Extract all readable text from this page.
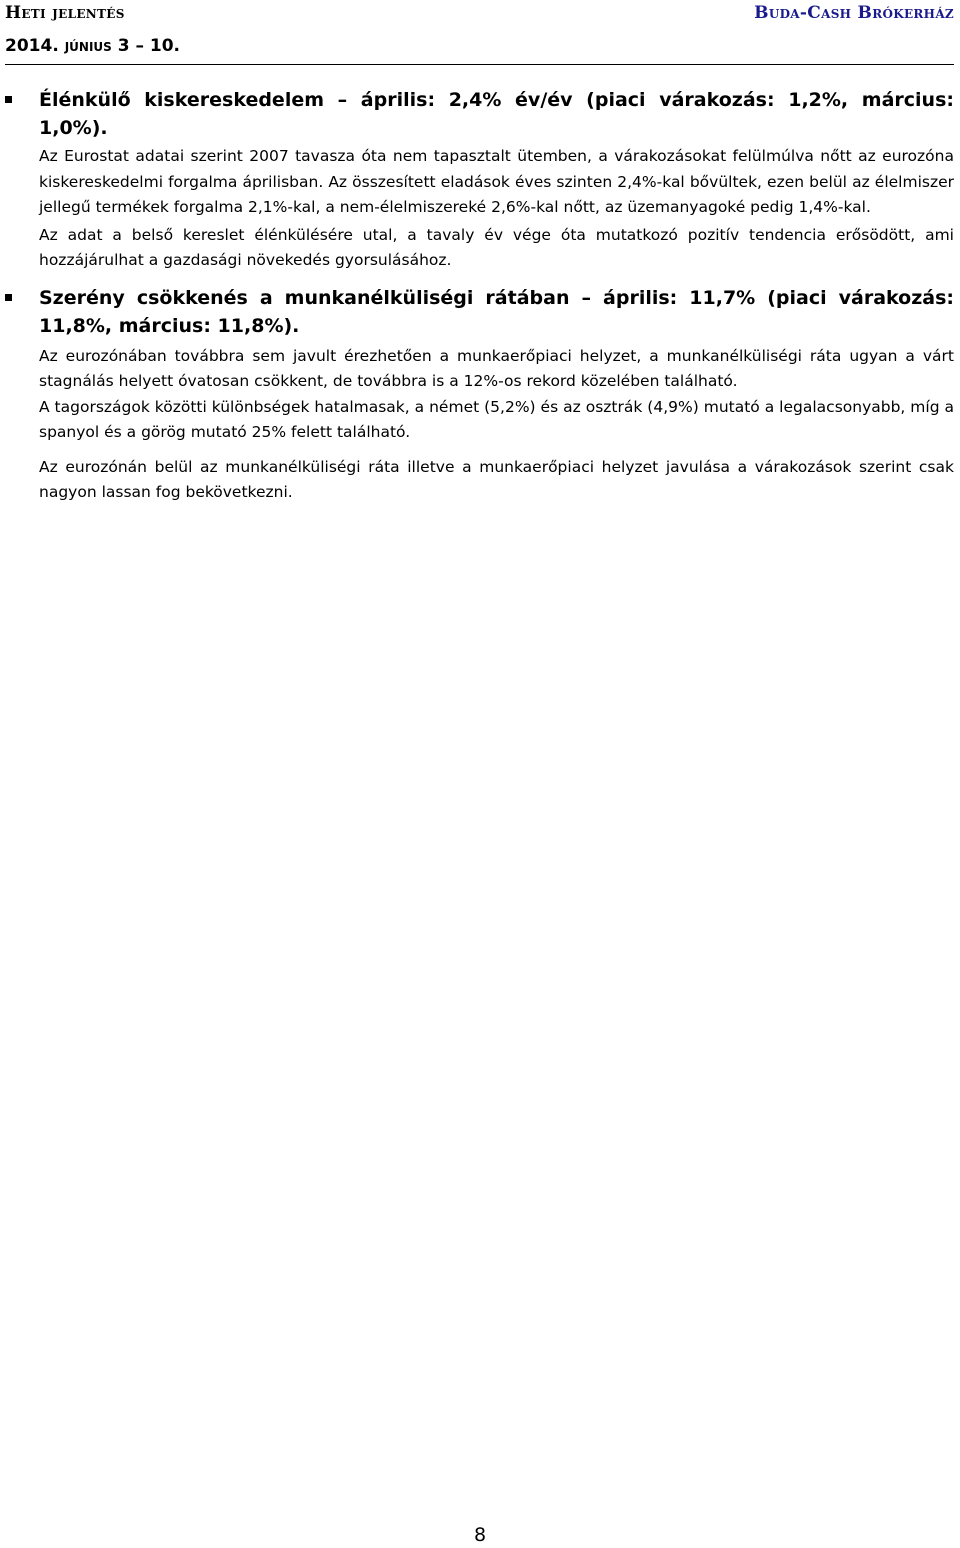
Heti jelentés	Buda-Cash Brókerház
2014. június 3 – 10.
Élénkülő kiskereskedelem – április: 2,4% év/év (piaci várakozás: 1,2%, március: 1,0%).

Az Eurostat adatai szerint 2007 tavasza óta nem tapasztalt ütemben, a várakozásokat felülmúlva nőtt az eurozóna kiskereskedelmi forgalma áprilisban. Az összesített eladások éves szinten 2,4%-kal bővültek, ezen belül az élelmiszer jellegű termékek forgalma 2,1%-kal, a nem-élelmiszereké 2,6%-kal nőtt, az üzemanyagoké pedig 1,4%-kal.

Az adat a belső kereslet élénkülésére utal, a tavaly év vége óta mutatkozó pozitív tendencia erősödött, ami hozzájárulhat a gazdasági növekedés gyorsulásához.

Szerény csökkenés a munkanélküliségi rátában – április: 11,7% (piaci várakozás: 11,8%, március: 11,8%).

Az eurozónában továbbra sem javult érezhetően a munkaerőpiaci helyzet, a munkanélküliségi ráta ugyan a várt stagnálás helyett óvatosan csökkent, de továbbra is a 12%-os rekord közelében található.

A tagországok közötti különbségek hatalmasak, a német (5,2%) és az osztrák (4,9%) mutató a legalacsonyabb, míg a spanyol és a görög mutató 25% felett található.

Az eurozónán belül az munkanélküliségi ráta illetve a munkaerőpiaci helyzet javulása a várakozások szerint csak nagyon lassan fog bekövetkezni.

8
